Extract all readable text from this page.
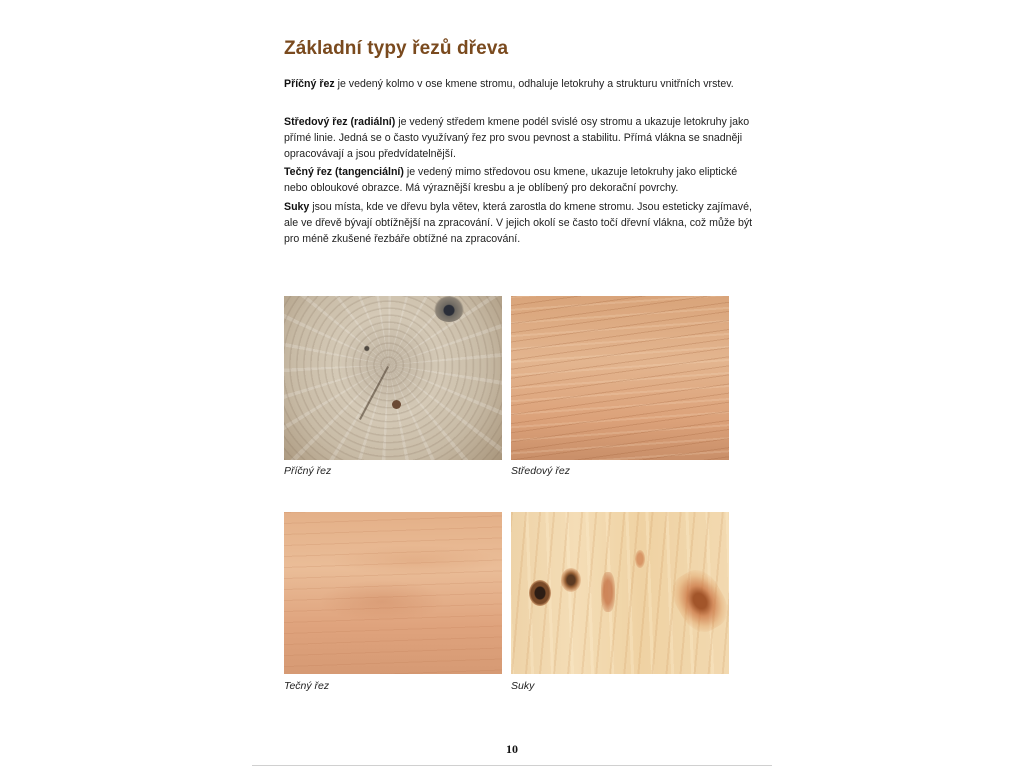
Základní typy řezů dřeva

Příčný řez je vedený kolmo v ose kmene stromu, odhaluje letokruhy a strukturu vnitřních vrstev.

Středový řez (radiální) je vedený středem kmene podél svislé osy stromu a ukazuje letokruhy jako přímé linie. Jedná se o často využívaný řez pro svou pevnost a stabilitu. Přímá vlákna se snadněji opracovávají a jsou předvídatelnější.

Tečný řez (tangenciální) je vedený mimo středovou osu kmene, ukazuje letokruhy jako eliptické nebo obloukové obrazce. Má výraznější kresbu a je oblíbený pro dekorační povrchy.

Suky jsou místa, kde ve dřevu byla větev, která zarostla do kmene stromu. Jsou esteticky zajímavé, ale ve dřevě bývají obtížnější na zpracování. V jejich okolí se často točí dřevní vlákna, což může být pro méně zkušené řezbáře obtížné na zpracování.

Příčný řez	Středový řez

Tečný řez	Suky

10
